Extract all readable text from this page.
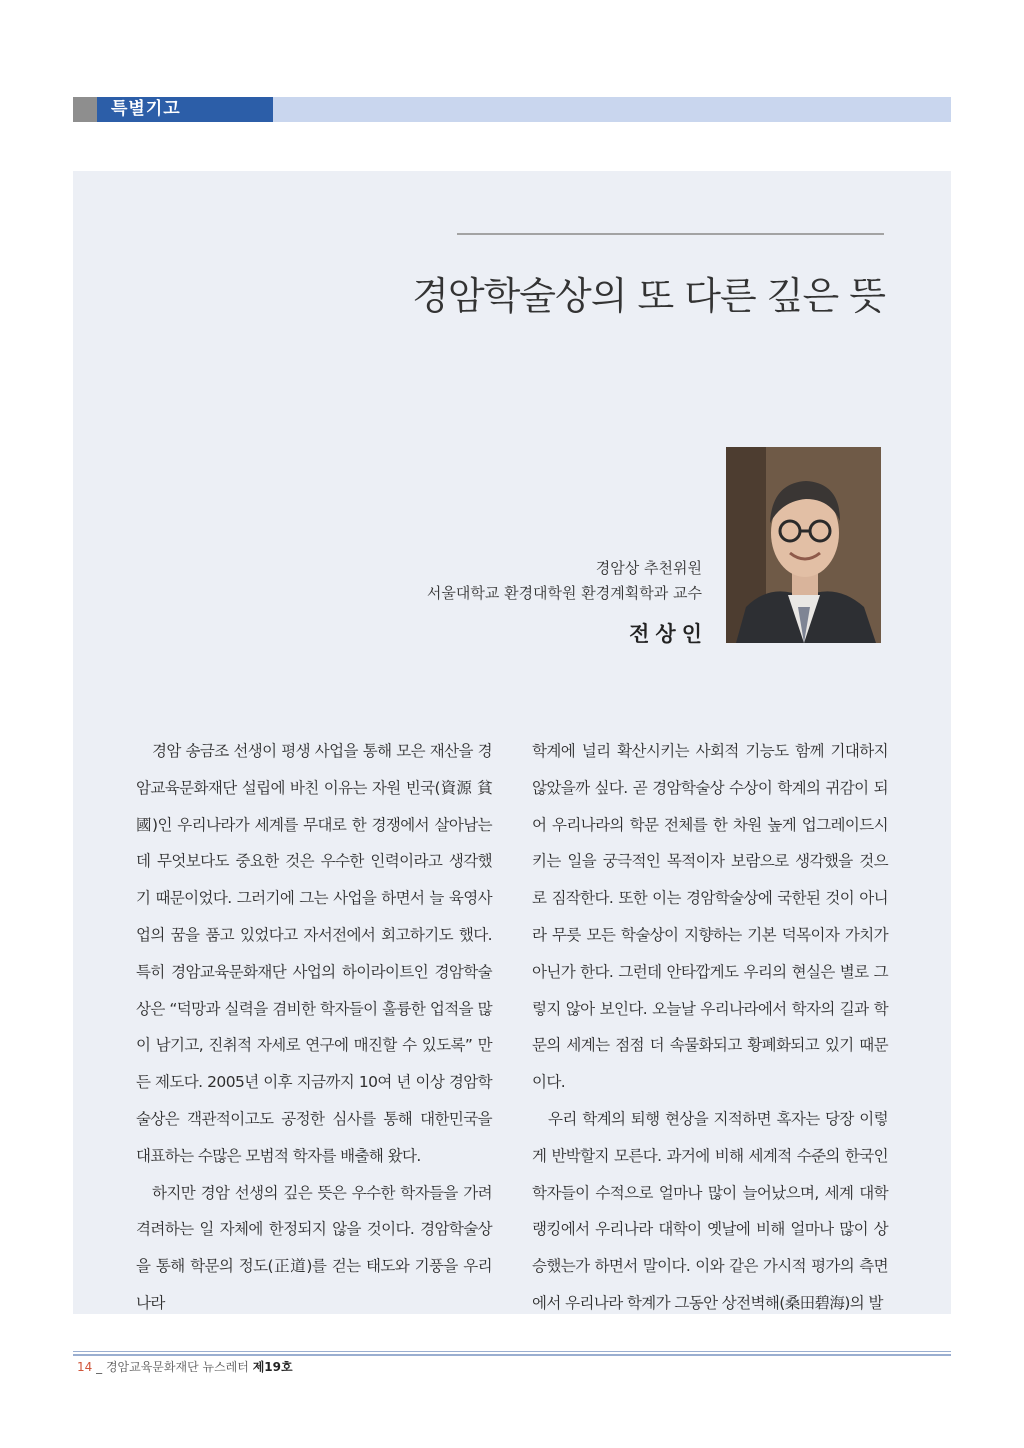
특별기고
경암학술상의 또 다른 깊은 뜻
경암상 추천위원
서울대학교 환경대학원 환경계획학과 교수
전상인

경암 송금조 선생이 평생 사업을 통해 모은 재산을 경암교육문화재단 설립에 바친 이유는 자원 빈국(資源 貧國)인 우리나라가 세계를 무대로 한 경쟁에서 살아남는데 무엇보다도 중요한 것은 우수한 인력이라고 생각했기 때문이었다. 그러기에 그는 사업을 하면서 늘 육영사업의 꿈을 품고 있었다고 자서전에서 회고하기도 했다. 특히 경암교육문화재단 사업의 하이라이트인 경암학술상은 “덕망과 실력을 겸비한 학자들이 훌륭한 업적을 많이 남기고, 진취적 자세로 연구에 매진할 수 있도록” 만든 제도다. 2005년 이후 지금까지 10여 년 이상 경암학술상은 객관적이고도 공정한 심사를 통해 대한민국을 대표하는 수많은 모범적 학자를 배출해 왔다.

하지만 경암 선생의 깊은 뜻은 우수한 학자들을 가려 격려하는 일 자체에 한정되지 않을 것이다. 경암학술상을 통해 학문의 정도(正道)를 걷는 태도와 기풍을 우리나라

학계에 널리 확산시키는 사회적 기능도 함께 기대하지 않았을까 싶다. 곧 경암학술상 수상이 학계의 귀감이 되어 우리나라의 학문 전체를 한 차원 높게 업그레이드시키는 일을 궁극적인 목적이자 보람으로 생각했을 것으로 짐작한다. 또한 이는 경암학술상에 국한된 것이 아니라 무릇 모든 학술상이 지향하는 기본 덕목이자 가치가 아닌가 한다. 그런데 안타깝게도 우리의 현실은 별로 그렇지 않아 보인다. 오늘날 우리나라에서 학자의 길과 학문의 세계는 점점 더 속물화되고 황폐화되고 있기 때문이다.

우리 학계의 퇴행 현상을 지적하면 혹자는 당장 이렇게 반박할지 모른다. 과거에 비해 세계적 수준의 한국인 학자들이 수적으로 얼마나 많이 늘어났으며, 세계 대학 랭킹에서 우리나라 대학이 옛날에 비해 얼마나 많이 상승했는가 하면서 말이다. 이와 같은 가시적 평가의 측면에서 우리나라 학계가 그동안 상전벽해(桑田碧海)의 발

14 _ 경암교육문화재단 뉴스레터 제19호
